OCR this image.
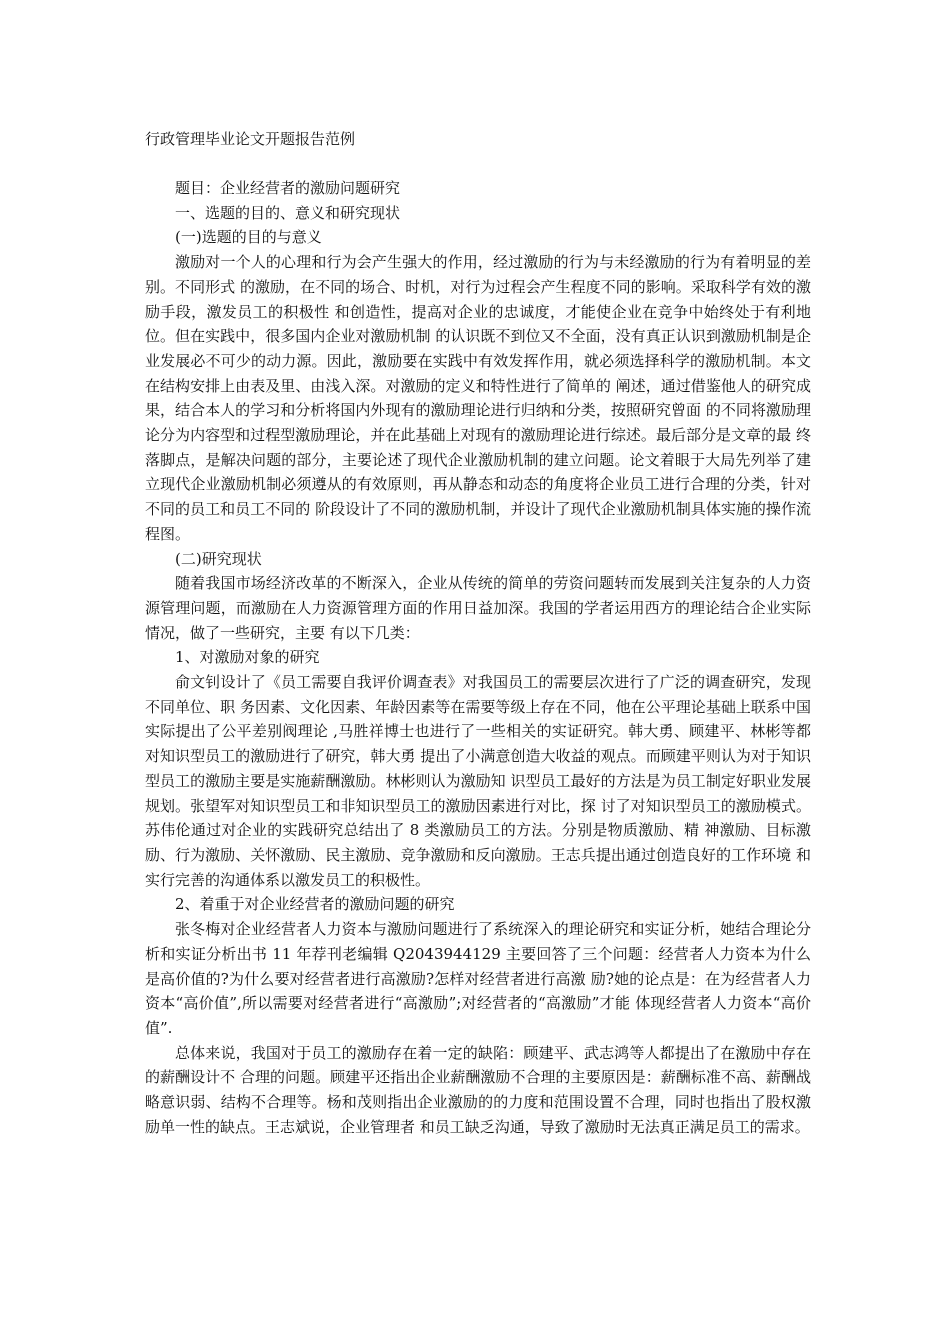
行政管理毕业论文开题报告范例

题目：企业经营者的激励问题研究

一、选题的目的、意义和研究现状

(一)选题的目的与意义

激励对一个人的心理和行为会产生强大的作用，经过激励的行为与未经激励的行为有着明显的差别。不同形式 的激励，在不同的场合、时机，对行为过程会产生程度不同的影响。采取科学有效的激励手段，激发员工的积极性 和创造性，提高对企业的忠诚度，才能使企业在竞争中始终处于有利地位。但在实践中，很多国内企业对激励机制 的认识既不到位又不全面，没有真正认识到激励机制是企业发展必不可少的动力源。因此，激励要在实践中有效发挥作用，就必须选择科学的激励机制。本文在结构安排上由表及里、由浅入深。对激励的定义和特性进行了简单的 阐述，通过借鉴他人的研究成果，结合本人的学习和分析将国内外现有的激励理论进行归纳和分类，按照研究曾面 的不同将激励理论分为内容型和过程型激励理论，并在此基础上对现有的激励理论进行综述。最后部分是文章的最 终落脚点，是解决问题的部分，主要论述了现代企业激励机制的建立问题。论文着眼于大局先列举了建立现代企业激励机制必须遵从的有效原则，再从静态和动态的角度将企业员工进行合理的分类，针对不同的员工和员工不同的 阶段设计了不同的激励机制，并设计了现代企业激励机制具体实施的操作流程图。

(二)研究现状

随着我国市场经济改革的不断深入，企业从传统的简单的劳资问题转而发展到关注复杂的人力资源管理问题，而激励在人力资源管理方面的作用日益加深。我国的学者运用西方的理论结合企业实际情况，做了一些研究，主要 有以下几类：

1、对激励对象的研究

俞文钊设计了《员工需要自我评价调查表》对我国员工的需要层次进行了广泛的调查研究，发现不同单位、职 务因素、文化因素、年龄因素等在需要等级上存在不同，他在公平理论基础上联系中国实际提出了公平差别阀理论 ,马胜祥博士也进行了一些相关的实证研究。韩大勇、顾建平、林彬等都对知识型员工的激励进行了研究，韩大勇 提出了小满意创造大收益的观点。而顾建平则认为对于知识型员工的激励主要是实施薪酬激励。林彬则认为激励知 识型员工最好的方法是为员工制定好职业发展规划。张望军对知识型员工和非知识型员工的激励因素进行对比，探 讨了对知识型员工的激励模式。苏伟伦通过对企业的实践研究总结出了 8 类激励员工的方法。分别是物质激励、精 神激励、目标激励、行为激励、关怀激励、民主激励、竞争激励和反向激励。王志兵提出通过创造良好的工作环境 和实行完善的沟通体系以激发员工的积极性。

2、着重于对企业经营者的激励问题的研究

张冬梅对企业经营者人力资本与激励问题进行了系统深入的理论研究和实证分析，她结合理论分析和实证分析出书 11 年荐刊老编辑 Q2043944129 主要回答了三个问题：经营者人力资本为什么是高价值的?为什么要对经营者进行高激励?怎样对经营者进行高激 励?她的论点是：在为经营者人力资本“高价值”,所以需要对经营者进行“高激励”;对经营者的“高激励”才能 体现经营者人力资本“高价值”.

总体来说，我国对于员工的激励存在着一定的缺陷：顾建平、武志鸿等人都提出了在激励中存在的薪酬设计不 合理的问题。顾建平还指出企业薪酬激励不合理的主要原因是：薪酬标准不高、薪酬战略意识弱、结构不合理等。杨和茂则指出企业激励的的力度和范围设置不合理，同时也指出了股权激励单一性的缺点。王志斌说，企业管理者 和员工缺乏沟通，导致了激励时无法真正满足员工的需求。
